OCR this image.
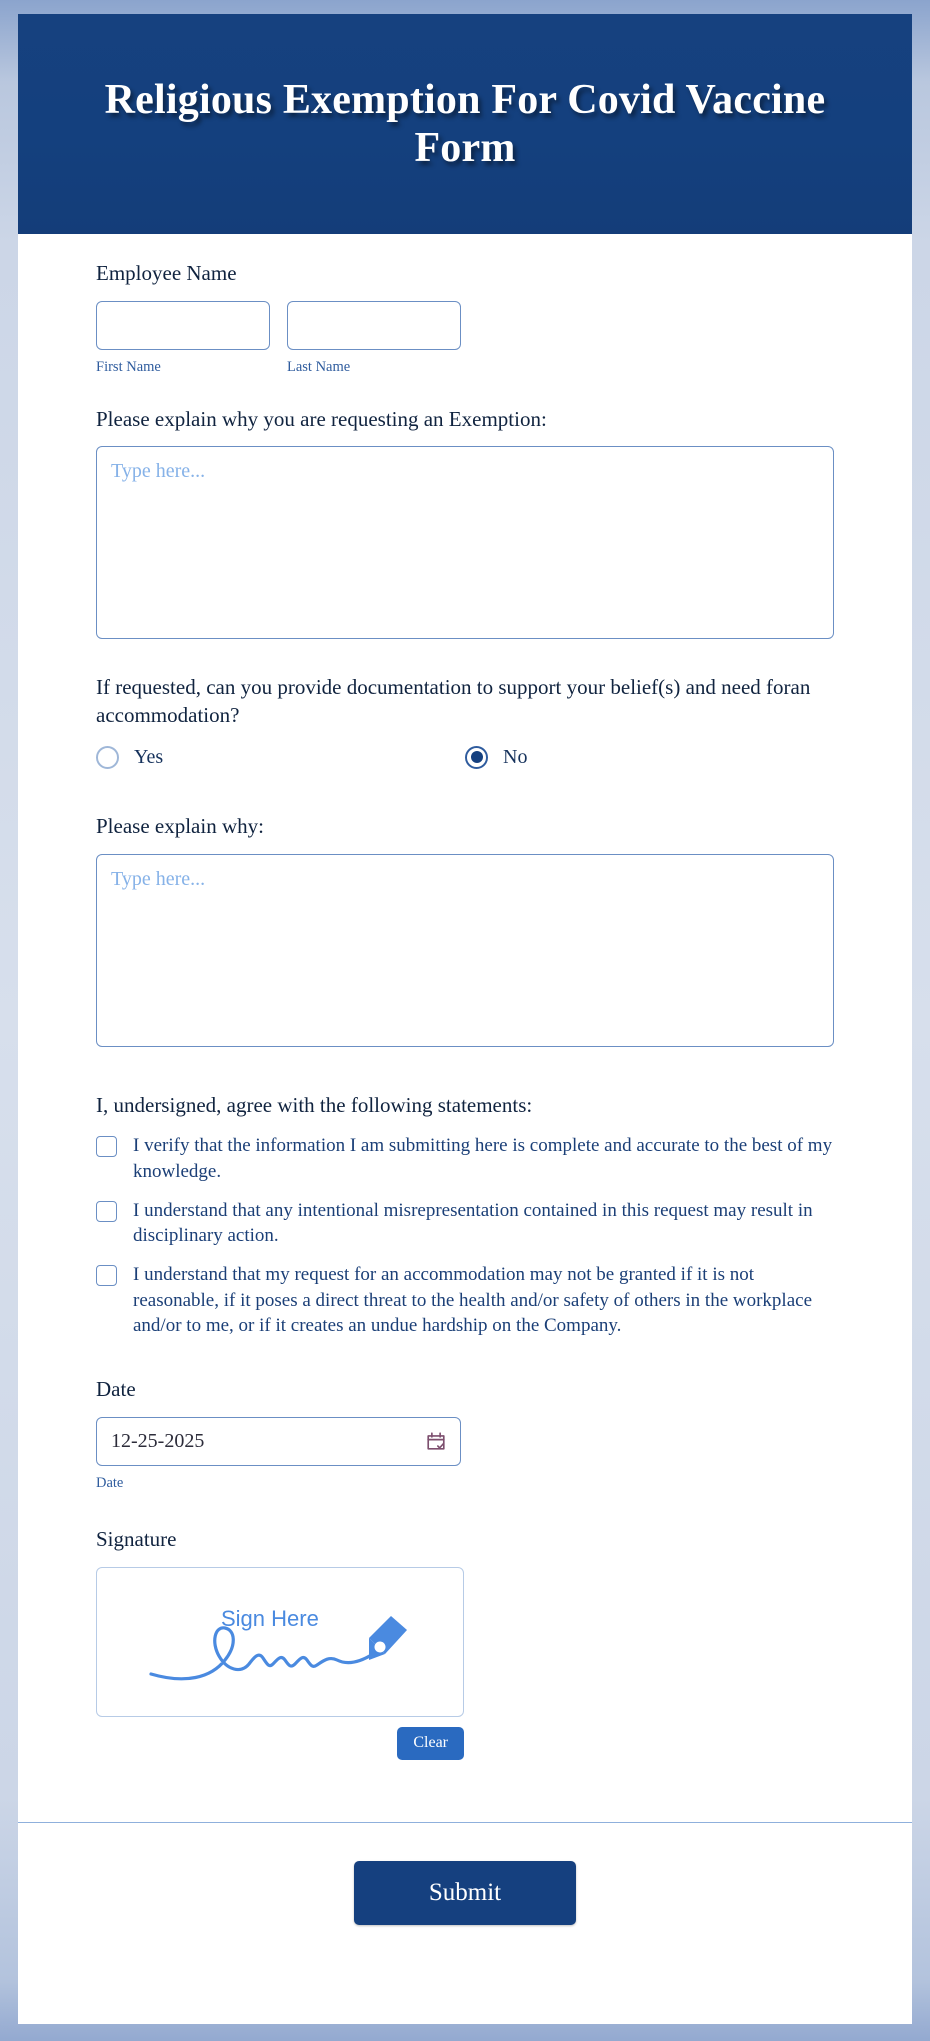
Religious Exemption For Covid Vaccine Form
Employee Name
First Name	Last Name
Please explain why you are requesting an Exemption:
Type here...
If requested, can you provide documentation to support your belief(s) and need foran accommodation?
Yes	No
Please explain why:
Type here...
I, undersigned, agree with the following statements:
I verify that the information I am submitting here is complete and accurate to the best of my knowledge.
I understand that any intentional misrepresentation contained in this request may result in disciplinary action.
I understand that my request for an accommodation may not be granted if it is not reasonable, if it poses a direct threat to the health and/or safety of others in the workplace and/or to me, or if it creates an undue hardship on the Company.
Date
12-25-2025
Date
Signature
Sign Here
Clear
Submit
